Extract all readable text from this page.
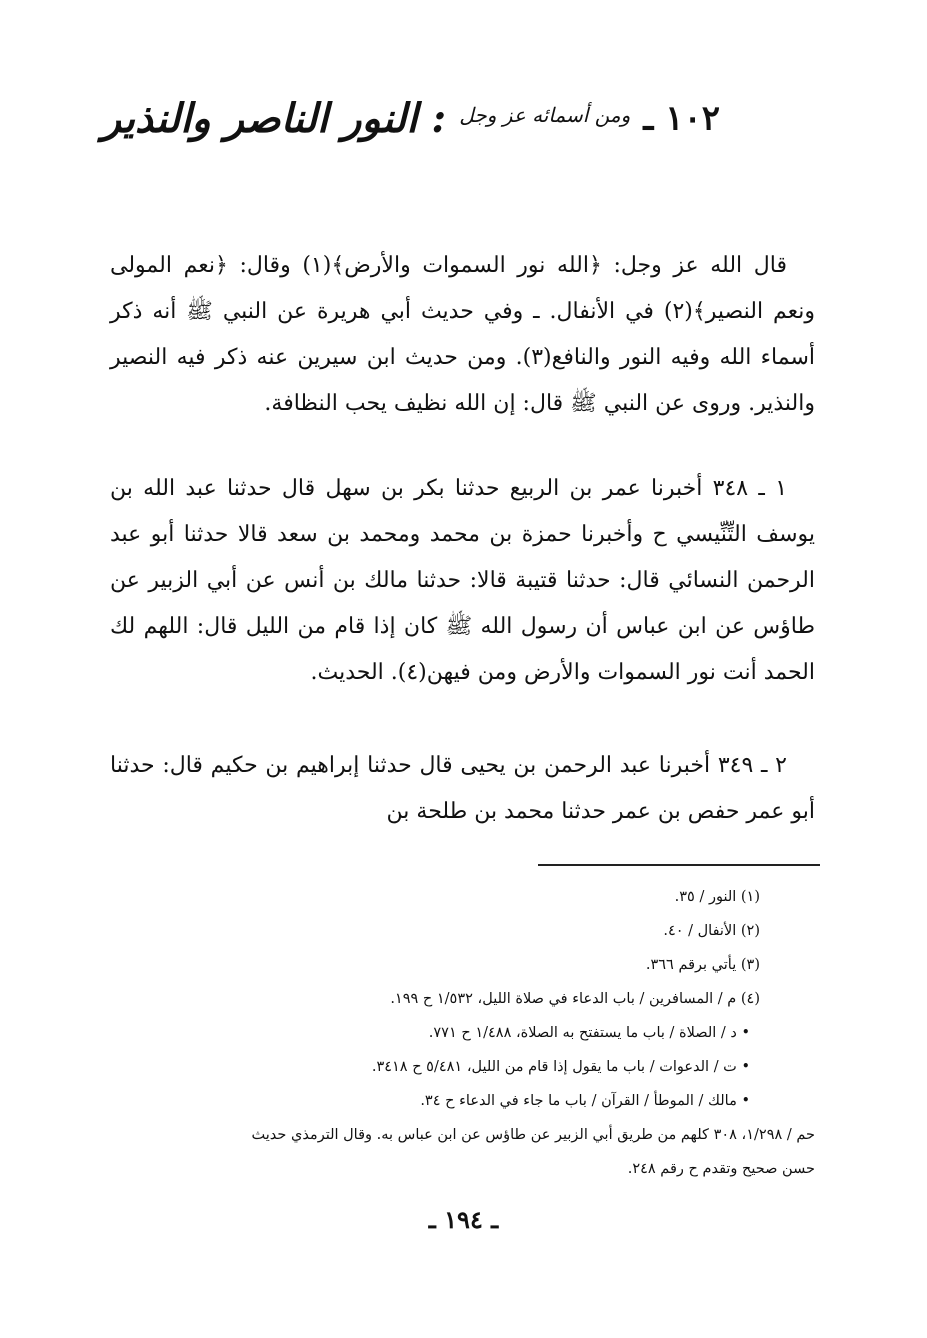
١٠٢ ـ ومن أسمائه عز وجل : النور الناصر والنذير

قال الله عز وجل: ﴿الله نور السموات والأرض﴾(١) وقال: ﴿نعم المولى ونعم النصير﴾(٢) في الأنفال. ـ وفي حديث أبي هريرة عن النبي ﷺ أنه ذكر أسماء الله وفيه النور والنافع(٣). ومن حديث ابن سيرين عنه ذكر فيه النصير والنذير. وروى عن النبي ﷺ قال: إن الله نظيف يحب النظافة.

١ ـ ٣٤٨ أخبرنا عمر بن الربيع حدثنا بكر بن سهل قال حدثنا عبد الله بن يوسف التِّنِّيسي ح وأخبرنا حمزة بن محمد ومحمد بن سعد قالا حدثنا أبو عبد الرحمن النسائي قال: حدثنا قتيبة قالا: حدثنا مالك بن أنس عن أبي الزبير عن طاؤس عن ابن عباس أن رسول الله ﷺ كان إذا قام من الليل قال: اللهم لك الحمد أنت نور السموات والأرض ومن فيهن(٤). الحديث.

٢ ـ ٣٤٩ أخبرنا عبد الرحمن بن يحيى قال حدثنا إبراهيم بن حكيم قال: حدثنا أبو عمر حفص بن عمر حدثنا محمد بن طلحة بن

(١) النور / ٣٥.

(٢) الأنفال / ٤٠.

(٣) يأتي برقم ٣٦٦.

(٤) م / المسافرين / باب الدعاء في صلاة الليل، ١/٥٣٢ ح ١٩٩.

• د / الصلاة / باب ما يستفتح به الصلاة، ١/٤٨٨ ح ٧٧١.

• ت / الدعوات / باب ما يقول إذا قام من الليل، ٥/٤٨١ ح ٣٤١٨.

• مالك / الموطأ / القرآن / باب ما جاء في الدعاء ح ٣٤.

حم / ١/٢٩٨، ٣٠٨ كلهم من طريق أبي الزبير عن طاؤس عن ابن عباس به. وقال الترمذي حديث

حسن صحيح وتقدم ح رقم ٢٤٨.

ـ ١٩٤ ـ
